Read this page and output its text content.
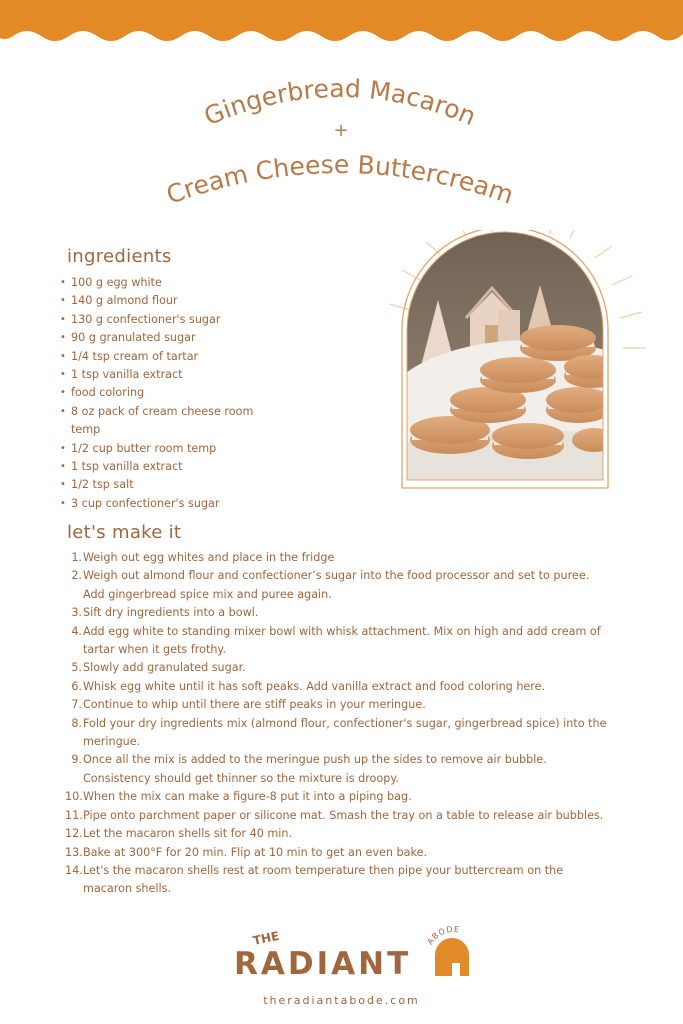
Gingerbread Macaron
+
Cream Cheese Buttercream
ingredients
• 100 g egg white
• 140 g almond flour
• 130 g confectioner's sugar
• 90 g granulated sugar
• 1/4 tsp cream of tartar
• 1 tsp vanilla extract
• food coloring
• 8 oz pack of cream cheese room temp
• 1/2 cup butter room temp
• 1 tsp vanilla extract
• 1/2 tsp salt
• 3 cup confectioner's sugar
let's make it
1. Weigh out egg whites and place in the fridge
2. Weigh out almond flour and confectioner’s sugar into the food processor and set to puree.
Add gingerbread spice mix and puree again.
3. Sift dry ingredients into a bowl.
4. Add egg white to standing mixer bowl with whisk attachment. Mix on high and add cream of
tartar when it gets frothy.
5. Slowly add granulated sugar.
6. Whisk egg white until it has soft peaks. Add vanilla extract and food coloring here.
7. Continue to whip until there are stiff peaks in your meringue.
8. Fold your dry ingredients mix (almond flour, confectioner's sugar, gingerbread spice) into the
meringue.
9. Once all the mix is added to the meringue push up the sides to remove air bubble.
Consistency should get thinner so the mixture is droopy.
10. When the mix can make a figure-8 put it into a piping bag.
11. Pipe onto parchment paper or silicone mat. Smash the tray on a table to release air bubbles.
12. Let the macaron shells sit for 40 min.
13. Bake at 300°F for 20 min. Flip at 10 min to get an even bake.
14. Let's the macaron shells rest at room temperature then pipe your buttercream on the
macaron shells.
THE
RADIANT
ABODE
theradiantabode.com
